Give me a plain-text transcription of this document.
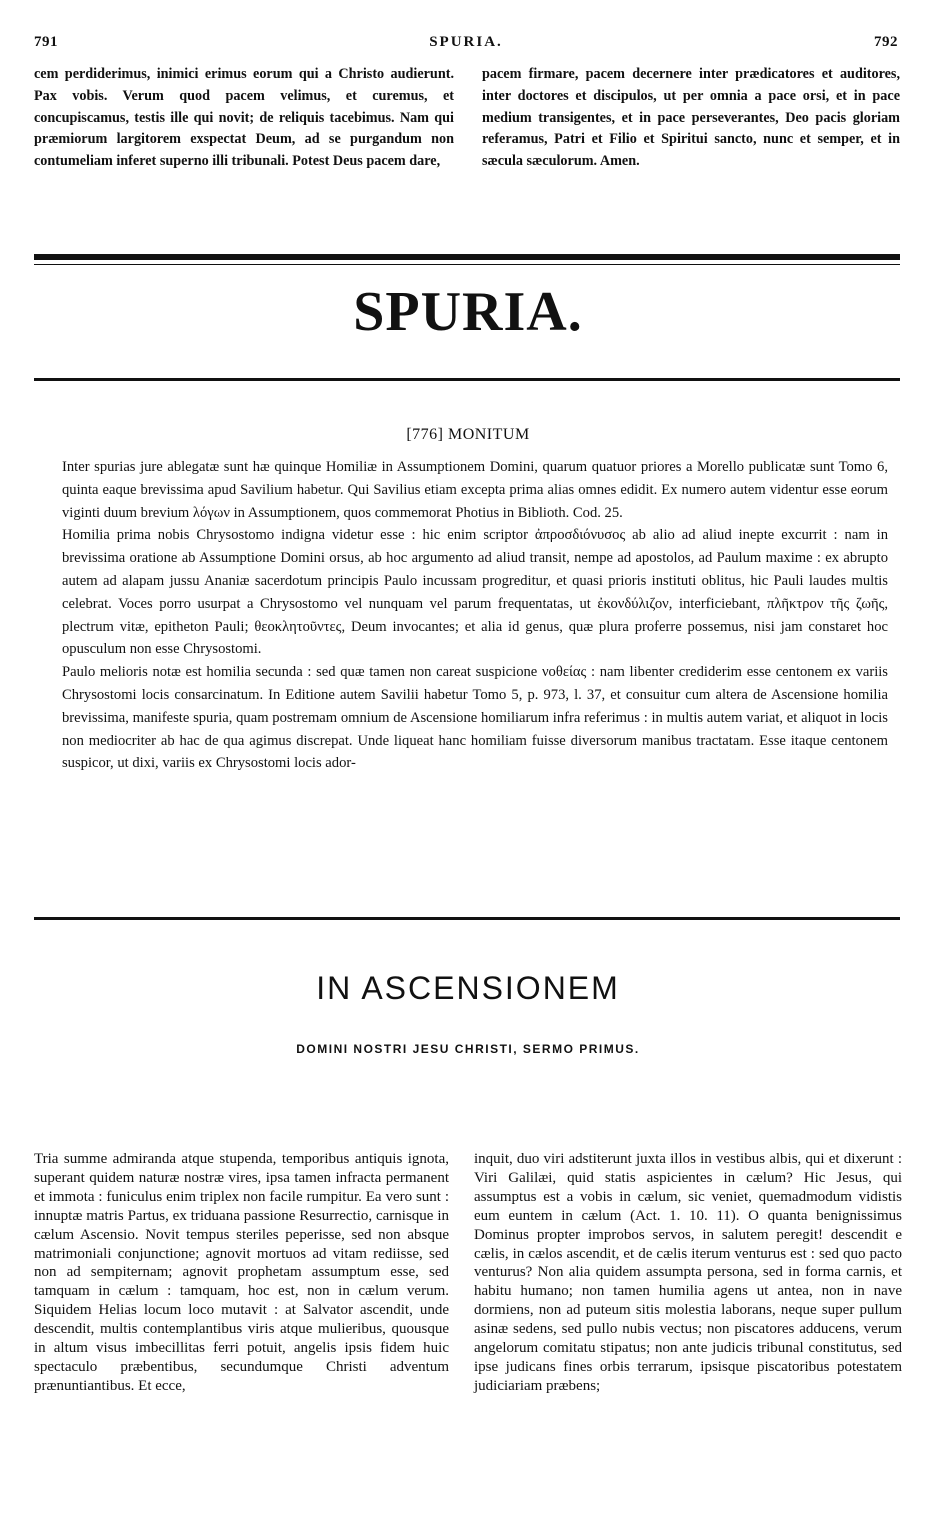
791	SPURIA.	792
cem perdiderimus, inimici erimus eorum qui a Christo audierunt. Pax vobis. Verum quod pacem velimus, et curemus, et concupiscamus, testis ille qui novit; de reliquis tacebimus. Nam qui præmiorum largitorem exspectat Deum, ad se purgandum non contumeliam inferet superno illi tribunali. Potest Deus pacem dare,
pacem firmare, pacem decernere inter prædicatores et auditores, inter doctores et discipulos, ut per omnia a pace orsi, et in pace medium transigentes, et in pace perseverantes, Deo pacis gloriam referamus, Patri et Filio et Spiritui sancto, nunc et semper, et in sæcula sæculorum. Amen.
SPURIA.
[776] MONITUM

Inter spurias jure ablegatæ sunt hæ quinque Homiliæ in Assumptionem Domini, quarum quatuor priores a Morello publicatæ sunt Tomo 6, quinta eaque brevissima apud Savilium habetur. Qui Savilius etiam excepta prima alias omnes edidit. Ex numero autem videntur esse eorum viginti duum brevium λόγων in Assumptionem, quos commemorat Photius in Biblioth. Cod. 25.

Homilia prima nobis Chrysostomo indigna videtur esse : hic enim scriptor ἀπροσδιόνυσος ab alio ad aliud inepte excurrit : nam in brevissima oratione ab Assumptione Domini orsus, ab hoc argumento ad aliud transit, nempe ad apostolos, ad Paulum maxime : ex abrupto autem ad alapam jussu Ananiæ sacerdotum principis Paulo incussam progreditur, et quasi prioris instituti oblitus, hic Pauli laudes multis celebrat. Voces porro usurpat a Chrysostomo vel nunquam vel parum frequentatas, ut ἐκονδύλιζον, interficiebant, πλῆκτρον τῆς ζωῆς, plectrum vitæ, epitheton Pauli; θεοκλητοῦντες, Deum invocantes; et alia id genus, quæ plura proferre possemus, nisi jam constaret hoc opusculum non esse Chrysostomi.

Paulo melioris notæ est homilia secunda : sed quæ tamen non careat suspicione νοθείας : nam libenter crediderim esse centonem ex variis Chrysostomi locis consarcinatum. In Editione autem Savilii habetur Tomo 5, p. 973, l. 37, et consuitur cum altera de Ascensione homilia brevissima, manifeste spuria, quam postremam omnium de Ascensione homiliarum infra referimus : in multis autem variat, et aliquot in locis non mediocriter ab hac de qua agimus discrepat. Unde liqueat hanc homiliam fuisse diversorum manibus tractatam. Esse itaque centonem suspicor, ut dixi, variis ex Chrysostomi locis ador-

IN ASCENSIONEM
DOMINI NOSTRI JESU CHRISTI, SERMO PRIMUS.
Tria summe admiranda atque stupenda, temporibus antiquis ignota, superant quidem naturæ nostræ vires, ipsa tamen infracta permanent et immota : funiculus enim triplex non facile rumpitur. Ea vero sunt : innuptæ matris Partus, ex triduana passione Resurrectio, carnisque in cælum Ascensio. Novit tempus steriles peperisse, sed non absque matrimoniali conjunctione; agnovit mortuos ad vitam rediisse, sed non ad sempiternam; agnovit prophetam assumptum esse, sed tamquam in cælum : tamquam, hoc est, non in cælum verum. Siquidem Helias locum loco mutavit : at Salvator ascendit, unde descendit, multis contemplantibus viris atque mulieribus, quousque in altum visus imbecillitas ferri potuit, angelis ipsis fidem huic spectaculo præbentibus, secundumque Christi adventum prænuntiantibus. Et ecce,
inquit, duo viri adstiterunt juxta illos in vestibus albis, qui et dixerunt : Viri Galilæi, quid statis aspicientes in cælum? Hic Jesus, qui assumptus est a vobis in cælum, sic veniet, quemadmodum vidistis eum euntem in cælum (Act. 1. 10. 11). O quanta benignissimus Dominus propter improbos servos, in salutem peregit! descendit e cælis, in cælos ascendit, et de cælis iterum venturus est : sed quo pacto venturus? Non alia quidem assumpta persona, sed in forma carnis, et habitu humano; non tamen humilia agens ut antea, non in nave dormiens, non ad puteum sitis molestia laborans, neque super pullum asinæ sedens, sed pullo nubis vectus; non piscatores adducens, verum angelorum comitatu stipatus; non ante judicis tribunal constitutus, sed ipse judicans fines orbis terrarum, ipsisque piscatoribus potestatem judiciariam præbens;
